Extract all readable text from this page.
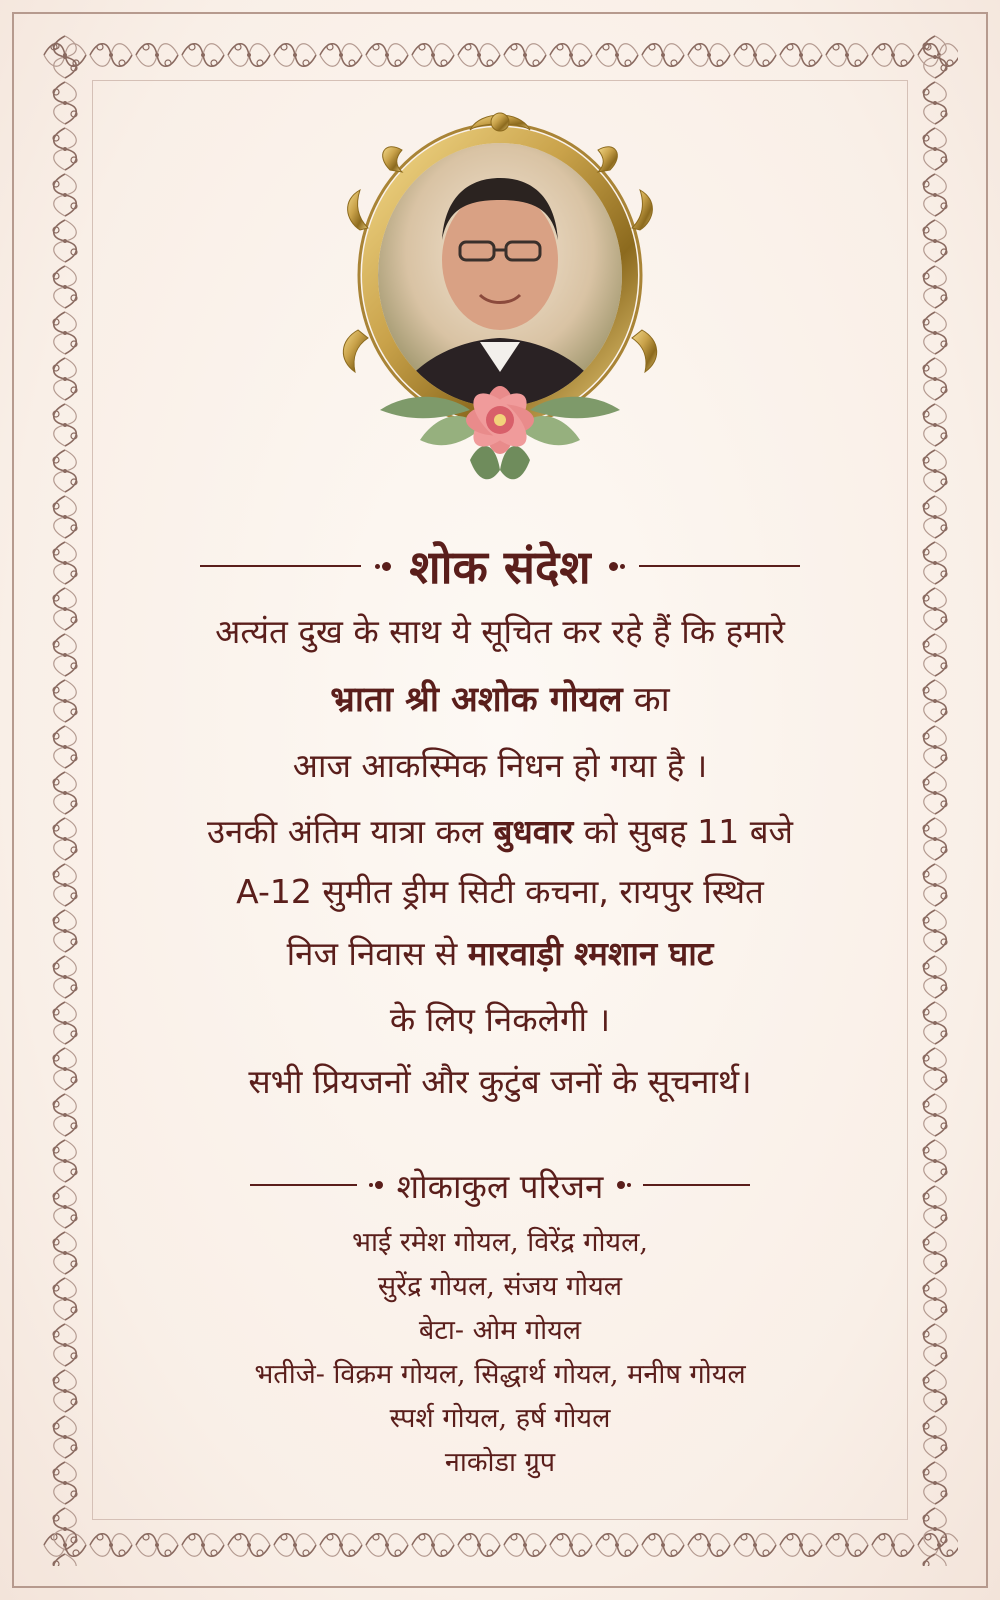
शोक संदेश
अत्यंत दुख के साथ ये सूचित कर रहे हैं कि हमारे
भ्राता श्री अशोक गोयल का
आज आकस्मिक निधन हो गया है ।
उनकी अंतिम यात्रा कल बुधवार को सुबह 11 बजे
A-12 सुमीत ड्रीम सिटी कचना, रायपुर स्थित
निज निवास से मारवाड़ी श्मशान घाट
के लिए निकलेगी ।
सभी प्रियजनों और कुटुंब जनों के सूचनार्थ।
शोकाकुल परिजन
भाई रमेश गोयल, विरेंद्र गोयल,
सुरेंद्र गोयल, संजय गोयल
बेटा- ओम गोयल
भतीजे- विक्रम गोयल, सिद्धार्थ गोयल, मनीष गोयल
स्पर्श गोयल, हर्ष गोयल
नाकोडा ग्रुप
